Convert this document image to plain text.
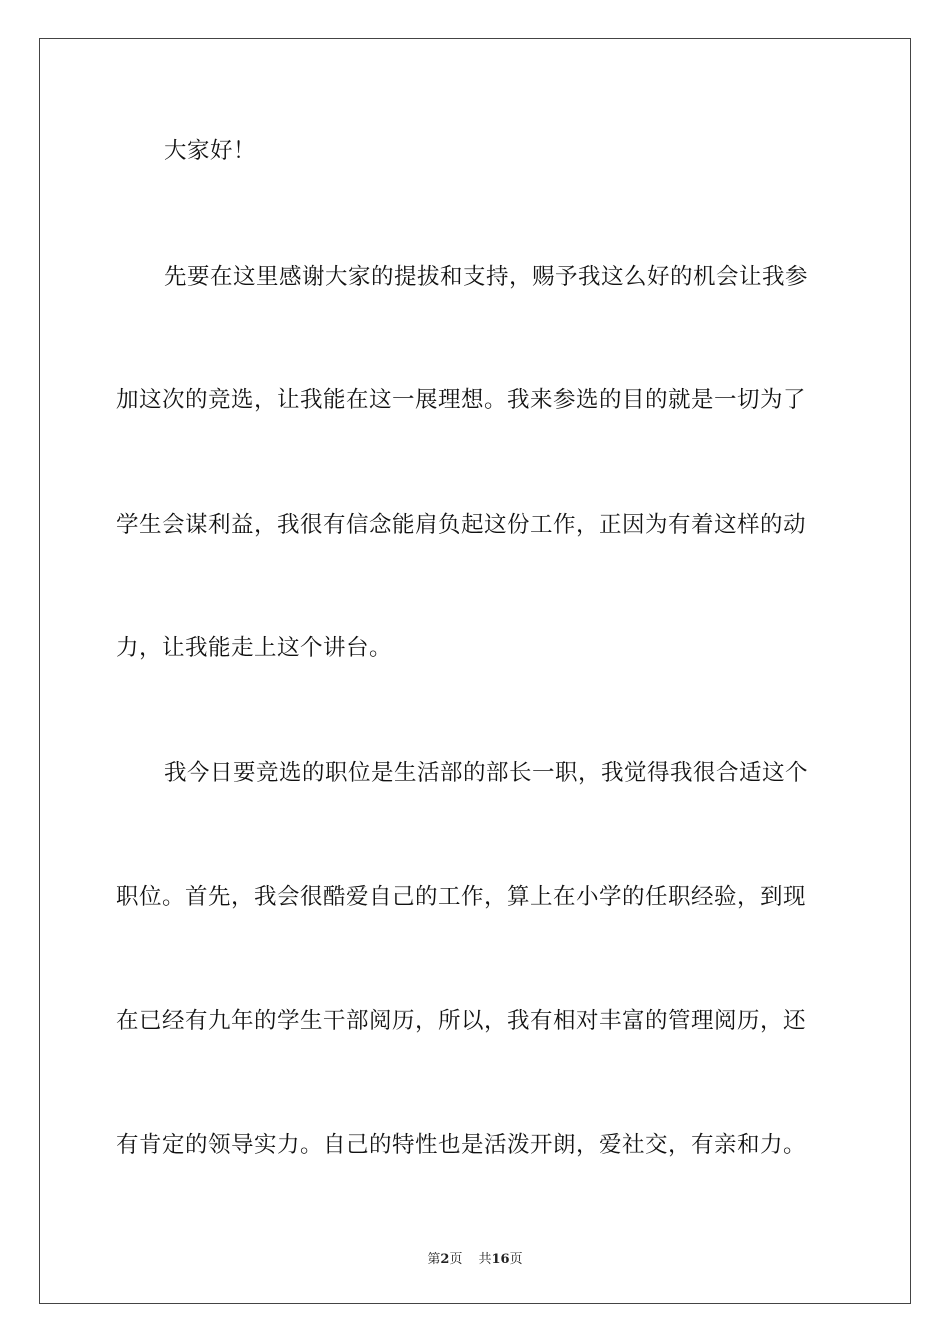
大家好！
先要在这里感谢大家的提拔和支持，赐予我这么好的机会让我参
加这次的竞选，让我能在这一展理想。我来参选的目的就是一切为了
学生会谋利益，我很有信念能肩负起这份工作，正因为有着这样的动
力，让我能走上这个讲台。
我今日要竞选的职位是生活部的部长一职，我觉得我很合适这个
职位。首先，我会很酷爱自己的工作，算上在小学的任职经验，到现
在已经有九年的学生干部阅历，所以，我有相对丰富的管理阅历，还
有肯定的领导实力。自己的特性也是活泼开朗，爱社交，有亲和力。
第2页 共16页
